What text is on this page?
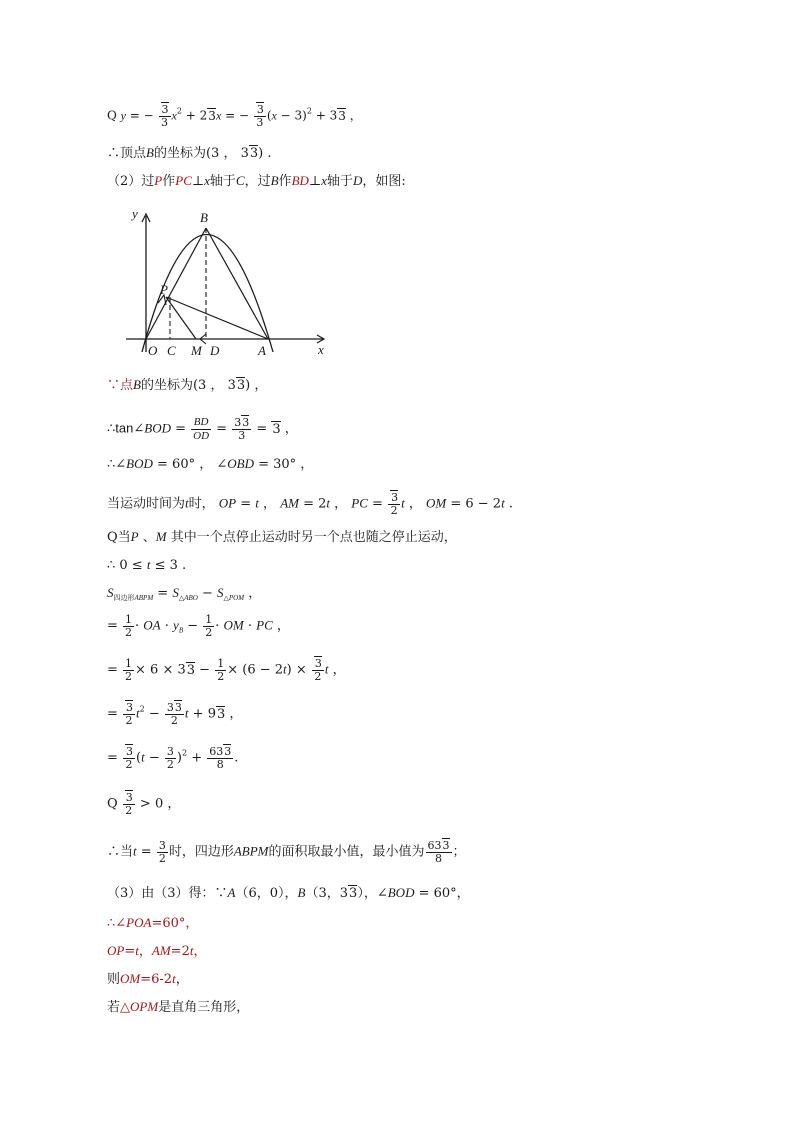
Q y = − $\frac{3}{3} x^2 + 23x$ = − $\frac{3}{3} (x - 3)^2 + 33$ ，
∴顶点B的坐标为(3 ， 33) .
（2）过P作PC⊥x轴于C，过B作BD⊥x轴于D，如图:
y
x
B
P
O C M D	A
∵点B的坐标为(3 ， 33) ，
∴tan∠BOD = $\frac{BD}{OD} = \frac{33}{3} = 3$ ，
∴∠BOD = 60° ， ∠OBD = 30° ，
当运动时间为t时， OP = t ， AM = 2t ， PC = $\frac{3}{2}$ t ， OM = 6 − 2t .
Q当P 、M 其中一个点停止运动时另一个点也随之停止运动，
∴ 0 ≤ t ≤ 3 .
$S_{四边形ABPM} = S_{\triangle ABO} - S_{\triangle POM}$ ，
= $\frac{1}{2}$ · OA · $y_B - \frac{1}{2}$ · OM · PC ，
= $\frac{1}{2} \times 6 \times 33 - \frac{1}{2} \times (6 - 2t) \times \frac{3}{2}$ t ，
= $\frac{3}{2} t^2 - \frac{33}{2}$ t + 93 ，
= $\frac{3}{2} (t - \frac{3}{2} )^2 + \frac{633}{8}$ .
Q $\frac{3}{2} > 0$ ，
∴当$t = \frac{3}{2}$ 时，四边形ABPM的面积取最小值，最小值为 $\frac{633}{8}$ ；
（3）由（3）得：∵A（6，0），B（3，33），∠BOD = 60°，
∴∠POA=60°，
OP=t，AM=2t，
则OM=6-2t，
若△OPM是直角三角形，
